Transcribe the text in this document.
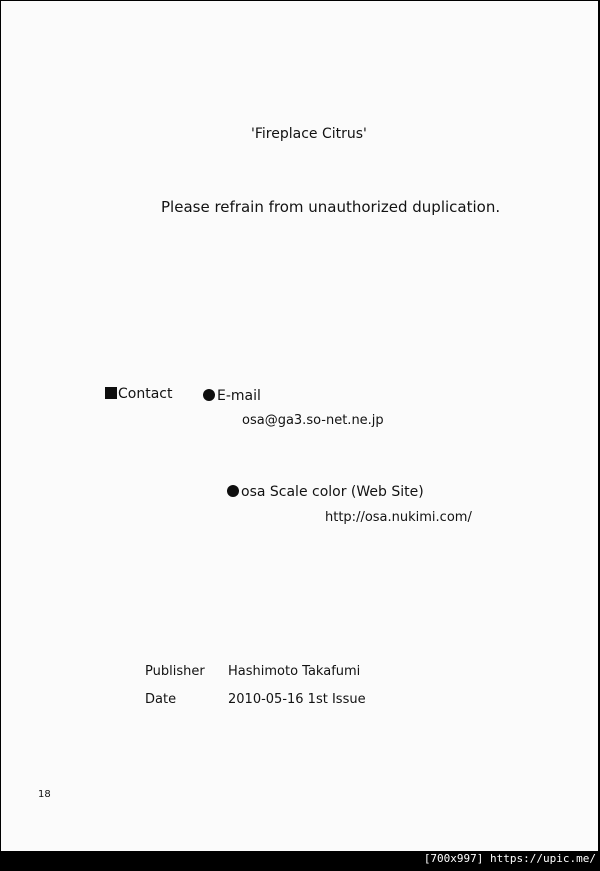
'Fireplace Citrus'
Please refrain from unauthorized duplication.
Contact	E-mail
osa@ga3.so-net.ne.jp
osa Scale color (Web Site)
http://osa.nukimi.com/
Publisher Hashimoto Takafumi
Date	2010-05-16 1st Issue
18
[700x997] https://upic.me/
